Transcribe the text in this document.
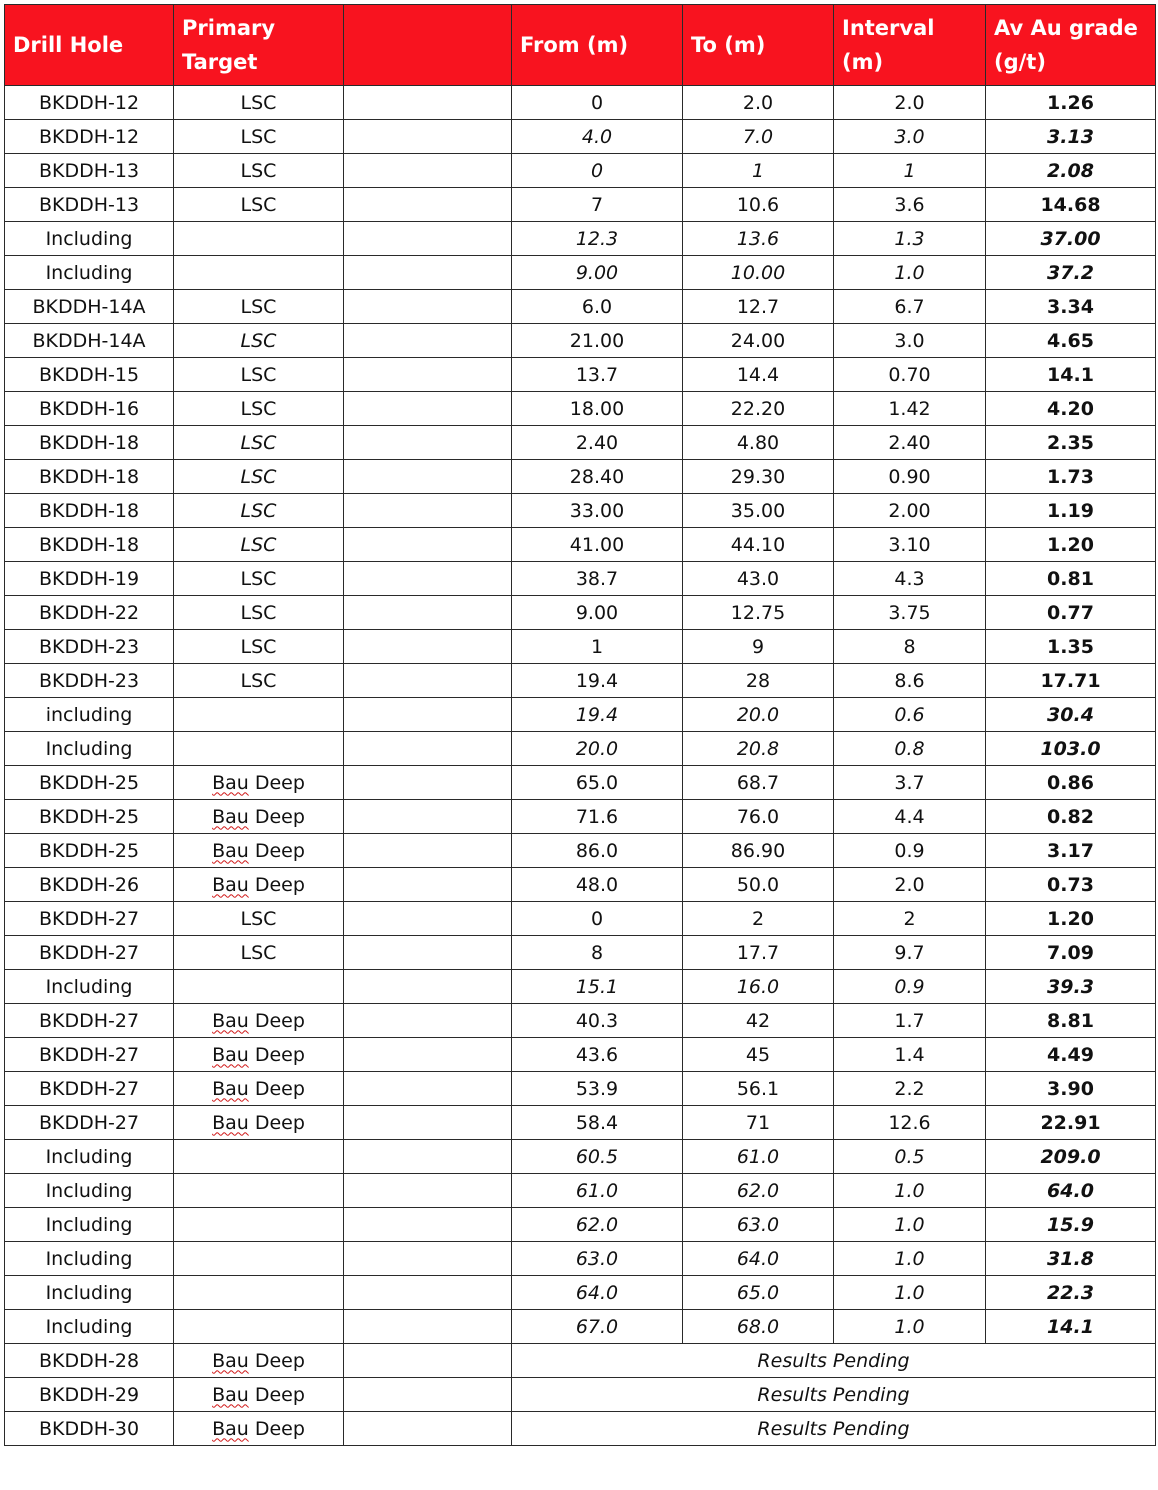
Drill Hole	Primary Target		From (m)	To (m)	Interval (m)	Av Au grade (g/t)
BKDDH-12	LSC		0	2.0	2.0	1.26
BKDDH-12	LSC		4.0	7.0	3.0	3.13
BKDDH-13	LSC		0	1	1	2.08
BKDDH-13	LSC		7	10.6	3.6	14.68
Including			12.3	13.6	1.3	37.00
Including			9.00	10.00	1.0	37.2
BKDDH-14A	LSC		6.0	12.7	6.7	3.34
BKDDH-14A	LSC		21.00	24.00	3.0	4.65
BKDDH-15	LSC		13.7	14.4	0.70	14.1
BKDDH-16	LSC		18.00	22.20	1.42	4.20
BKDDH-18	LSC		2.40	4.80	2.40	2.35
BKDDH-18	LSC		28.40	29.30	0.90	1.73
BKDDH-18	LSC		33.00	35.00	2.00	1.19
BKDDH-18	LSC		41.00	44.10	3.10	1.20
BKDDH-19	LSC		38.7	43.0	4.3	0.81
BKDDH-22	LSC		9.00	12.75	3.75	0.77
BKDDH-23	LSC		1	9	8	1.35
BKDDH-23	LSC		19.4	28	8.6	17.71
including			19.4	20.0	0.6	30.4
Including			20.0	20.8	0.8	103.0
BKDDH-25	Bau Deep		65.0	68.7	3.7	0.86
BKDDH-25	Bau Deep		71.6	76.0	4.4	0.82
BKDDH-25	Bau Deep		86.0	86.90	0.9	3.17
BKDDH-26	Bau Deep		48.0	50.0	2.0	0.73
BKDDH-27	LSC		0	2	2	1.20
BKDDH-27	LSC		8	17.7	9.7	7.09
Including			15.1	16.0	0.9	39.3
BKDDH-27	Bau Deep		40.3	42	1.7	8.81
BKDDH-27	Bau Deep		43.6	45	1.4	4.49
BKDDH-27	Bau Deep		53.9	56.1	2.2	3.90
BKDDH-27	Bau Deep		58.4	71	12.6	22.91
Including			60.5	61.0	0.5	209.0
Including			61.0	62.0	1.0	64.0
Including			62.0	63.0	1.0	15.9
Including			63.0	64.0	1.0	31.8
Including			64.0	65.0	1.0	22.3
Including			67.0	68.0	1.0	14.1
BKDDH-28	Bau Deep		Results Pending			
BKDDH-29	Bau Deep		Results Pending			
BKDDH-30	Bau Deep		Results Pending			
